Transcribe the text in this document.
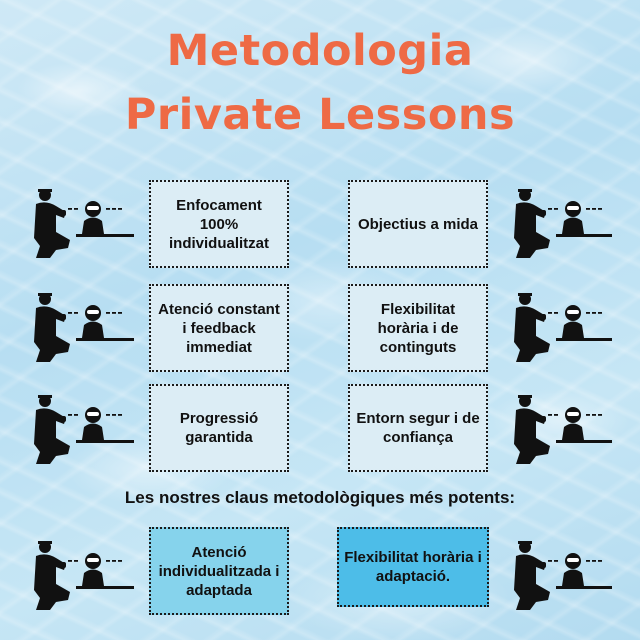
Metodologia
Private Lessons
Enfocament 100% individualitzat
Objectius a mida
Atenció constant i feedback immediat
Flexibilitat horària i de continguts
Progressió garantida
Entorn segur i de confiança
Les nostres claus metodològiques més potents:
Atenció individualitzada i adaptada
Flexibilitat horària i adaptació.
